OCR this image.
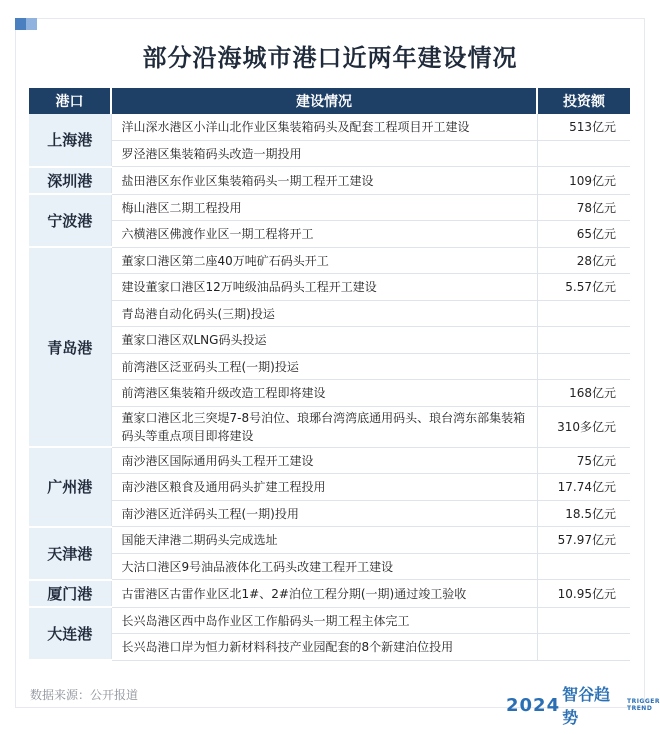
部分沿海城市港口近两年建设情况
港口	建设情况	投资额
上海港	洋山深水港区小洋山北作业区集装箱码头及配套工程项目开工建设	513亿元
	罗泾港区集装箱码头改造一期投用	
深圳港	盐田港区东作业区集装箱码头一期工程开工建设	109亿元
宁波港	梅山港区二期工程投用	78亿元
	六横港区佛渡作业区一期工程将开工	65亿元
青岛港	董家口港区第二座40万吨矿石码头开工	28亿元
	建设董家口港区12万吨级油品码头工程开工建设	5.57亿元
	青岛港自动化码头(三期)投运	
	董家口港区双LNG码头投运	
	前湾港区泛亚码头工程(一期)投运	
	前湾港区集装箱升级改造工程即将建设	168亿元
	董家口港区北三突堤7-8号泊位、琅琊台湾湾底通用码头、琅台湾东部集装箱码头等重点项目即将建设	310多亿元
广州港	南沙港区国际通用码头工程开工建设	75亿元
	南沙港区粮食及通用码头扩建工程投用	17.74亿元
	南沙港区近洋码头工程(一期)投用	18.5亿元
天津港	国能天津港二期码头完成选址	57.97亿元
	大沽口港区9号油品液体化工码头改建工程开工建设	
厦门港	古雷港区古雷作业区北1#、2#泊位工程分期(一期)通过竣工验收	10.95亿元
大连港	长兴岛港区西中岛作业区工作船码头一期工程主体完工	
	长兴岛港口岸为恒力新材料科技产业园配套的8个新建泊位投用	
数据来源：公开报道	2024 智谷趋势
TRIGGER
TREND
